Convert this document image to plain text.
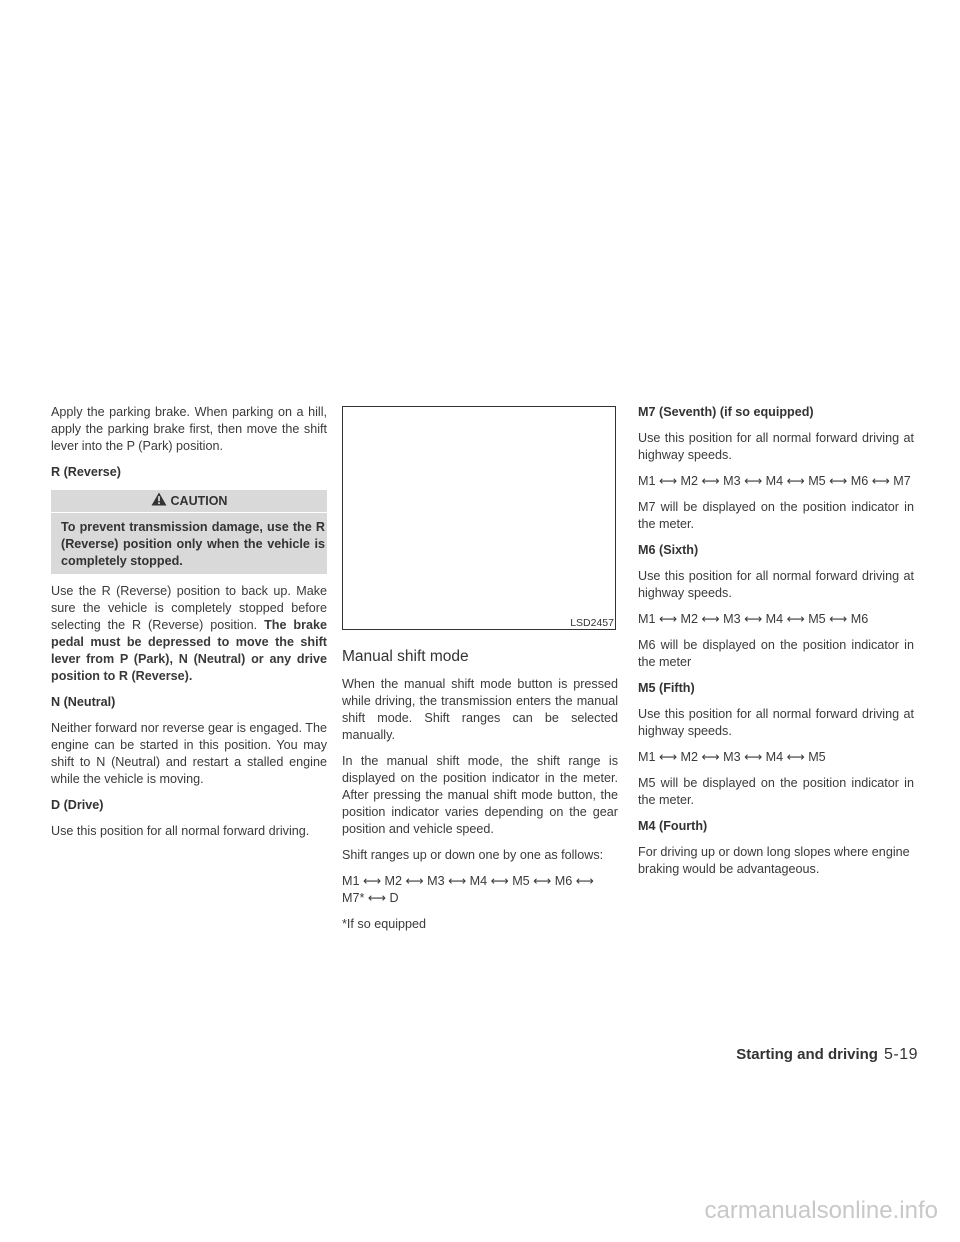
Apply the parking brake. When parking on a hill, apply the parking brake first, then move the shift lever into the P (Park) position.

R (Reverse)
CAUTION
To prevent transmission damage, use the R (Reverse) position only when the vehicle is completely stopped.

Use the R (Reverse) position to back up. Make sure the vehicle is completely stopped before selecting the R (Reverse) position. The brake pedal must be depressed to move the shift lever from P (Park), N (Neutral) or any drive position to R (Reverse).

N (Neutral)

Neither forward nor reverse gear is engaged. The engine can be started in this position. You may shift to N (Neutral) and restart a stalled engine while the vehicle is moving.

D (Drive)

Use this position for all normal forward driving.

LSD2457
Manual shift mode

When the manual shift mode button is pressed while driving, the transmission enters the manual shift mode. Shift ranges can be selected manually.

In the manual shift mode, the shift range is displayed on the position indicator in the meter. After pressing the manual shift mode button, the position indicator varies depending on the gear position and vehicle speed.

Shift ranges up or down one by one as follows:

M1 ⟷ M2 ⟷ M3 ⟷ M4 ⟷ M5 ⟷ M6 ⟷ M7* ⟷ D

*If so equipped

M7 (Seventh) (if so equipped)

Use this position for all normal forward driving at highway speeds.

M1 ⟷ M2 ⟷ M3 ⟷ M4 ⟷ M5 ⟷ M6 ⟷ M7

M7 will be displayed on the position indicator in the meter.

M6 (Sixth)

Use this position for all normal forward driving at highway speeds.

M1 ⟷ M2 ⟷ M3 ⟷ M4 ⟷ M5 ⟷ M6

M6 will be displayed on the position indicator in the meter

M5 (Fifth)

Use this position for all normal forward driving at highway speeds.

M1 ⟷ M2 ⟷ M3 ⟷ M4 ⟷ M5

M5 will be displayed on the position indicator in the meter.

M4 (Fourth)

For driving up or down long slopes where engine braking would be advantageous.

Starting and driving 5-19
carmanualsonline.info
